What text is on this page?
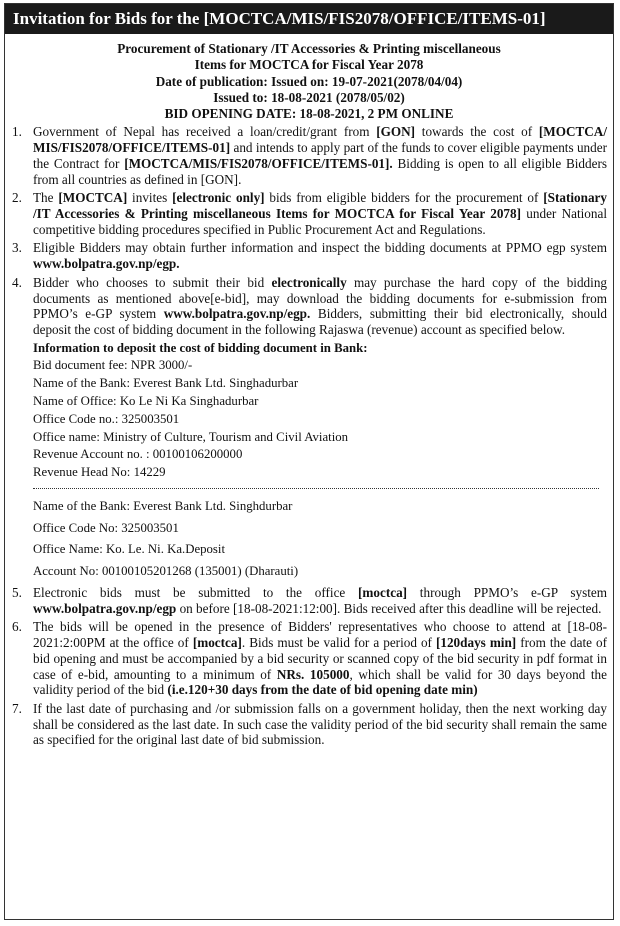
Invitation for Bids for the [MOCTCA/MIS/FIS2078/OFFICE/ITEMS-01]
Procurement of Stationary /IT Accessories & Printing miscellaneous
Items for MOCTCA for Fiscal Year 2078
Date of publication: Issued on: 19-07-2021(2078/04/04)
Issued to: 18-08-2021 (2078/05/02)
BID OPENING DATE: 18-08-2021, 2 PM ONLINE
1. Government of Nepal has received a loan/credit/grant from [GON] towards the cost of [MOCTCA/ MIS/FIS2078/OFFICE/ITEMS-01] and intends to apply part of the funds to cover eligible payments under the Contract for [MOCTCA/MIS/FIS2078/OFFICE/ITEMS-01]. Bidding is open to all eligible Bidders from all countries as defined in [GON].
2. The [MOCTCA] invites [electronic only] bids from eligible bidders for the procurement of [Stationary /IT Accessories & Printing miscellaneous Items for MOCTCA for Fiscal Year 2078] under National competitive bidding procedures specified in Public Procurement Act and Regulations.
3. Eligible Bidders may obtain further information and inspect the bidding documents at PPMO egp system www.bolpatra.gov.np/egp.
4. Bidder who chooses to submit their bid electronically may purchase the hard copy of the bidding documents as mentioned above[e-bid], may download the bidding documents for e-submission from PPMO’s e-GP system www.bolpatra.gov.np/egp. Bidders, submitting their bid electronically, should deposit the cost of bidding document in the following Rajaswa (revenue) account as specified below.
Information to deposit the cost of bidding document in Bank:
Bid document fee: NPR 3000/-
Name of the Bank: Everest Bank Ltd. Singhadurbar
Name of Office: Ko Le Ni Ka Singhadurbar
Office Code no.: 325003501
Office name: Ministry of Culture, Tourism and Civil Aviation
Revenue Account no. : 00100106200000
Revenue Head No: 14229
Name of the Bank: Everest Bank Ltd. Singhdurbar
Office Code No: 325003501
Office Name: Ko. Le. Ni. Ka.Deposit
Account No: 00100105201268 (135001) (Dharauti)
5. Electronic bids must be submitted to the office [moctca] through PPMO’s e-GP system www.bolpatra.gov.np/egp on before [18-08-2021:12:00]. Bids received after this deadline will be rejected.
6. The bids will be opened in the presence of Bidders' representatives who choose to attend at [18-08-2021:2:00PM at the office of [moctca]. Bids must be valid for a period of [120days min] from the date of bid opening and must be accompanied by a bid security or scanned copy of the bid security in pdf format in case of e-bid, amounting to a minimum of NRs. 105000, which shall be valid for 30 days beyond the validity period of the bid (i.e.120+30 days from the date of bid opening date min)
7. If the last date of purchasing and /or submission falls on a government holiday, then the next working day shall be considered as the last date. In such case the validity period of the bid security shall remain the same as specified for the original last date of bid submission.
